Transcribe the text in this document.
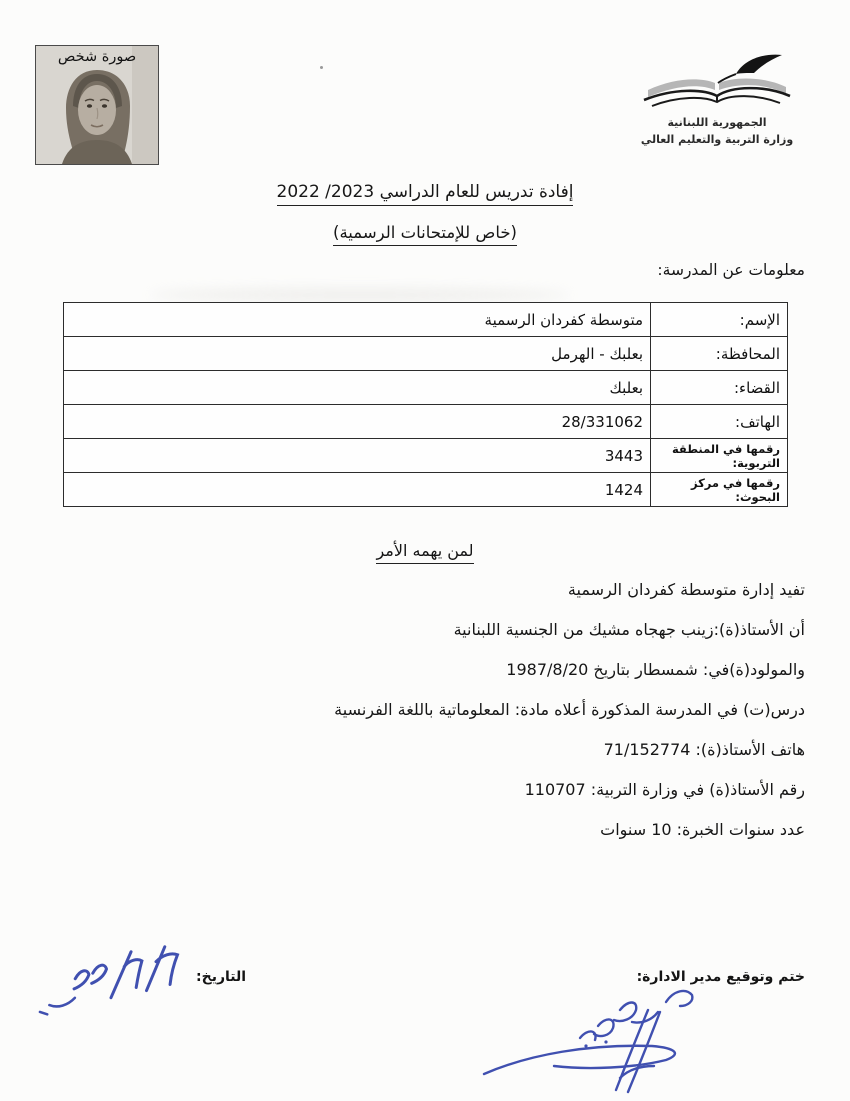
صورة شخص
الجمهورية اللبنانية
وزارة التربية والتعليم العالي
إفادة تدريس للعام الدراسي 2023/ 2022
(خاص للإمتحانات الرسمية)
معلومات عن المدرسة:
الإسم:	متوسطة كفردان الرسمية
المحافظة:	بعلبك - الهرمل
القضاء:	بعلبك
الهاتف:	28/331062
رقمها في المنطقة التربوية:	3443
رقمها في مركز البحوث:	1424
لمن يهمه الأمر
تفيد إدارة متوسطة كفردان الرسمية
أن الأستاذ(ة):زينب جهجاه مشيك من الجنسية اللبنانية
والمولود(ة)في: شمسطار بتاريخ 1987/8/20
درس(ت) في المدرسة المذكورة أعلاه مادة: المعلوماتية باللغة الفرنسية
هاتف الأستاذ(ة): 71/152774
رقم الأستاذ(ة) في وزارة التربية: 110707
عدد سنوات الخبرة: 10 سنوات
ختم وتوقيع مدير الادارة:
التاريخ:
